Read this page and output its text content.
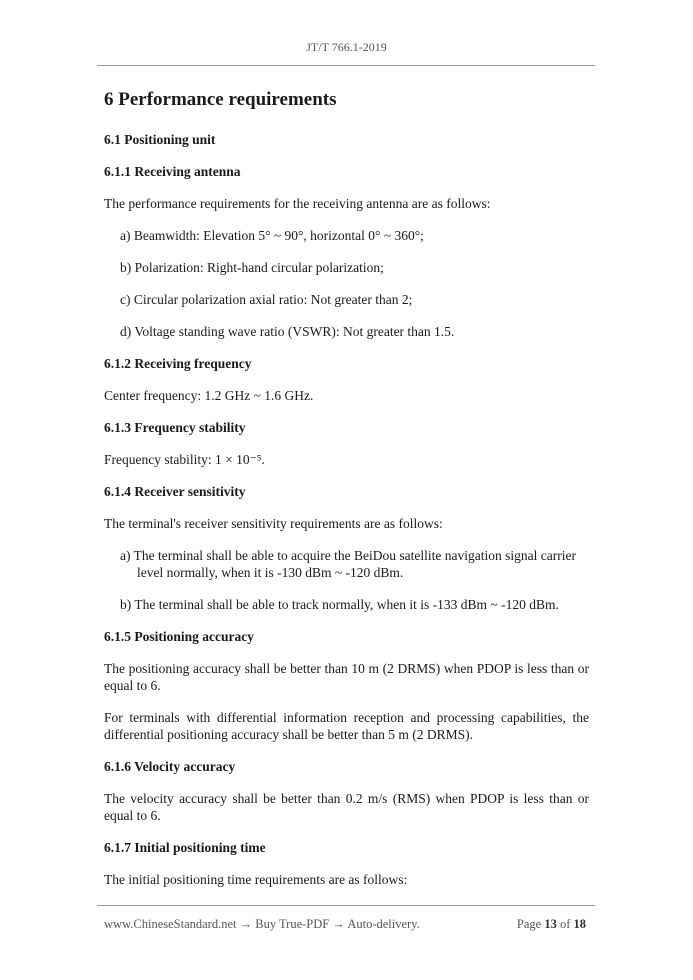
JT/T 766.1-2019
6 Performance requirements
6.1 Positioning unit
6.1.1 Receiving antenna
The performance requirements for the receiving antenna are as follows:
a) Beamwidth: Elevation 5° ~ 90°, horizontal 0° ~ 360°;
b) Polarization: Right-hand circular polarization;
c) Circular polarization axial ratio: Not greater than 2;
d) Voltage standing wave ratio (VSWR): Not greater than 1.5.
6.1.2 Receiving frequency
Center frequency: 1.2 GHz ~ 1.6 GHz.
6.1.3 Frequency stability
Frequency stability: 1 × 10⁻⁵.
6.1.4 Receiver sensitivity
The terminal's receiver sensitivity requirements are as follows:
a) The terminal shall be able to acquire the BeiDou satellite navigation signal carrier level normally, when it is -130 dBm ~ -120 dBm.
b) The terminal shall be able to track normally, when it is -133 dBm ~ -120 dBm.
6.1.5 Positioning accuracy
The positioning accuracy shall be better than 10 m (2 DRMS) when PDOP is less than or equal to 6.
For terminals with differential information reception and processing capabilities, the differential positioning accuracy shall be better than 5 m (2 DRMS).
6.1.6 Velocity accuracy
The velocity accuracy shall be better than 0.2 m/s (RMS) when PDOP is less than or equal to 6.
6.1.7 Initial positioning time
The initial positioning time requirements are as follows:
www.ChineseStandard.net → Buy True-PDF → Auto-delivery.	Page 13 of 18
